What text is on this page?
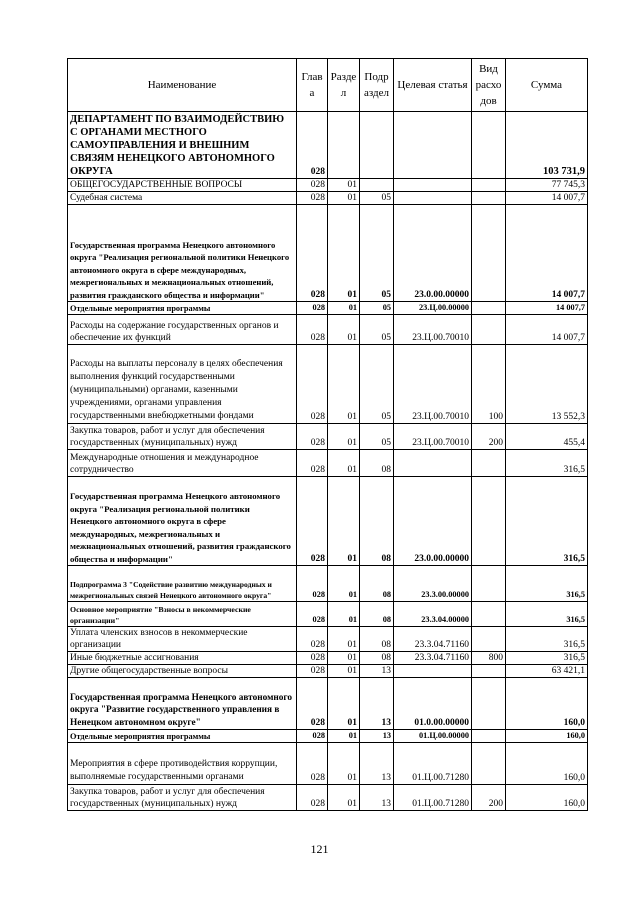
Наименование	Глав а	Разде л	Подр аздел	Целевая статья	Вид расхо дов	Сумма
ДЕПАРТАМЕНТ ПО ВЗАИМОДЕЙСТВИЮ С ОРГАНАМИ МЕСТНОГО САМОУПРАВЛЕНИЯ И ВНЕШНИМ СВЯЗЯМ НЕНЕЦКОГО АВТОНОМНОГО ОКРУГА	028					103 731,9
ОБЩЕГОСУДАРСТВЕННЫЕ ВОПРОСЫ	028	01				77 745,3
Судебная система	028	01	05			14 007,7
Государственная программа Ненецкого автономного округа "Реализация региональной политики Ненецкого автономного округа в сфере международных, межрегиональных и межнациональных отношений, развития гражданского общества и информации"	028	01	05	23.0.00.00000		14 007,7
Отдельные мероприятия программы	028	01	05	23.Ц.00.00000		14 007,7
Расходы на содержание государственных органов и обеспечение их функций	028	01	05	23.Ц.00.70010		14 007,7
Расходы на выплаты персоналу в целях обеспечения выполнения функций государственными (муниципальными) органами, казенными учреждениями, органами управления государственными внебюджетными фондами	028	01	05	23.Ц.00.70010	100	13 552,3
Закупка товаров, работ и услуг для обеспечения государственных (муниципальных) нужд	028	01	05	23.Ц.00.70010	200	455,4
Международные отношения и международное сотрудничество	028	01	08			316,5
Государственная программа Ненецкого автономного округа "Реализация региональной политики Ненецкого автономного округа в сфере международных, межрегиональных и межнациональных отношений, развития гражданского общества и информации"	028	01	08	23.0.00.00000		316,5
Подпрограмма 3 "Содействие развитию международных и межрегиональных связей Ненецкого автономного округа"	028	01	08	23.3.00.00000		316,5
Основное мероприятие "Взносы в некоммерческие организации"	028	01	08	23.3.04.00000		316,5
Уплата членских взносов в некоммерческие организации	028	01	08	23.3.04.71160		316,5
Иные бюджетные ассигнования	028	01	08	23.3.04.71160	800	316,5
Другие общегосударственные вопросы	028	01	13			63 421,1
Государственная программа Ненецкого автономного округа "Развитие государственного управления в Ненецком автономном округе"	028	01	13	01.0.00.00000		160,0
Отдельные мероприятия программы	028	01	13	01.Ц.00.00000		160,0
Мероприятия в сфере противодействия коррупции, выполняемые государственными органами	028	01	13	01.Ц.00.71280		160,0
Закупка товаров, работ и услуг для обеспечения государственных (муниципальных) нужд	028	01	13	01.Ц.00.71280	200	160,0
121
